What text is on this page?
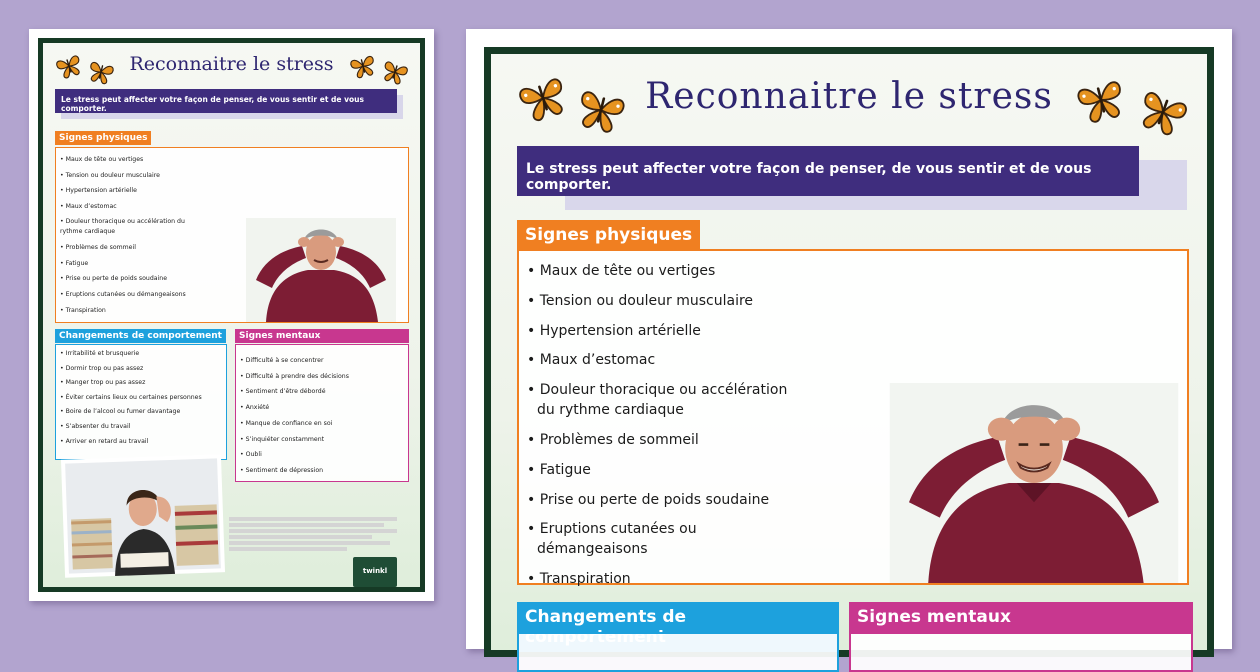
Reconnaitre le stress
Le stress peut affecter votre façon de penser, de vous sentir et de vous comporter.
Signes physiques
• Maux de tête ou vertiges
• Tension ou douleur musculaire
• Hypertension artérielle
• Maux d’estomac
• Douleur thoracique ou accélération du rythme cardiaque
• Problèmes de sommeil
• Fatigue
• Prise ou perte de poids soudaine
• Eruptions cutanées ou démangeaisons
• Transpiration
Changements de comportement
• Irritabilité et brusquerie
• Dormir trop ou pas assez
• Manger trop ou pas assez
• Éviter certains lieux ou certaines personnes
• Boire de l’alcool ou fumer davantage
• S’absenter du travail
• Arriver en retard au travail
Signes mentaux
• Difficulté à se concentrer
• Difficulté à prendre des décisions
• Sentiment d’être débordé
• Anxiété
• Manque de confiance en soi
• S’inquiéter constamment
• Oubli
• Sentiment de dépression
twinkl
Reconnaitre le stress
Le stress peut affecter votre façon de penser, de vous sentir et de vous comporter.
Signes physiques
• Maux de tête ou vertiges
• Tension ou douleur musculaire
• Hypertension artérielle
• Maux d’estomac
• Douleur thoracique ou accélération du rythme cardiaque
• Problèmes de sommeil
• Fatigue
• Prise ou perte de poids soudaine
• Eruptions cutanées ou démangeaisons
• Transpiration
Changements de	Signes mentaux
